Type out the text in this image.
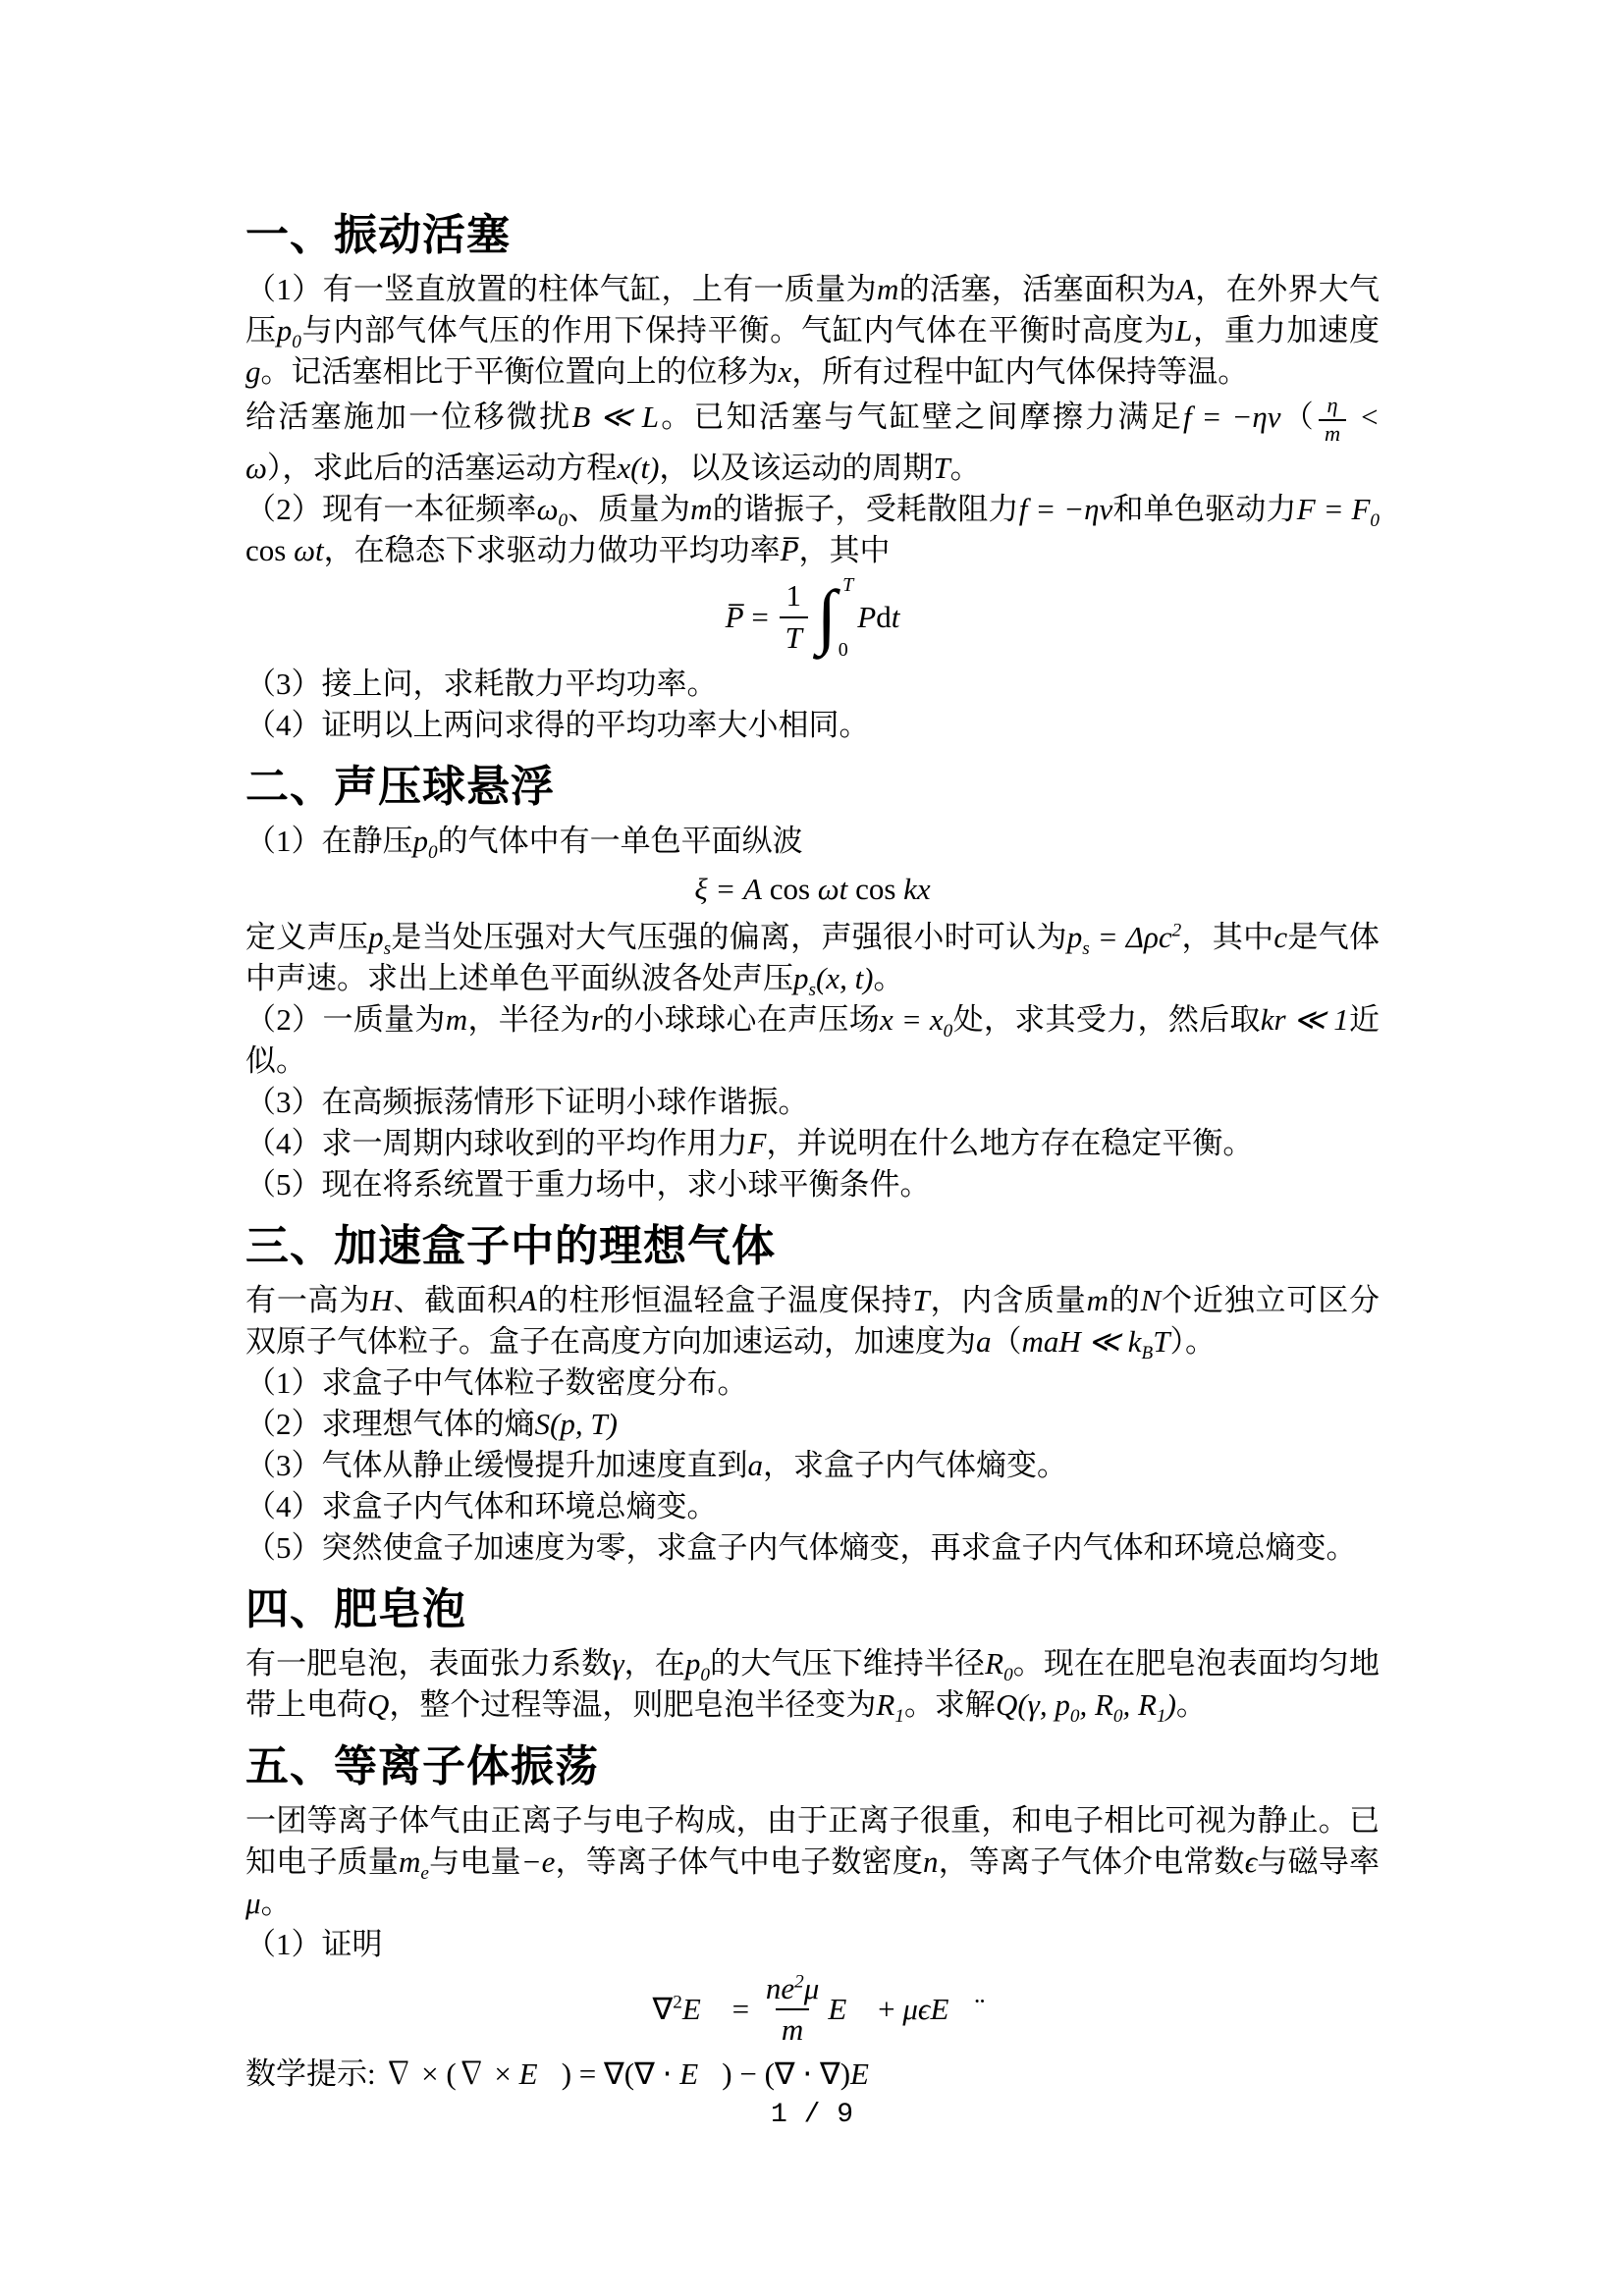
一、振动活塞
（1）有一竖直放置的柱体气缸，上有一质量为m的活塞，活塞面积为A，在外界大气压$p_0$与内部气体气压的作用下保持平衡。气缸内气体在平衡时高度为L，重力加速度g。记活塞相比于平衡位置向上的位移为x，所有过程中缸内气体保持等温。
给活塞施加一位移微扰B ≪ L。已知活塞与气缸壁之间摩擦力满足$f = -\eta v( \frac{\eta}{m} < \omega)$，求此后的活塞运动方程x(t)，以及该运动的周期T。
（2）现有一本征频率$\omega_0$、质量为m的谐振子，受耗散阻力f = −ηv和单色驱动力$F = F_0$ cos ωt，在稳态下求驱动力做功平均功率P̅，其中
P̅ = $\frac{1}{T}$ ∫ T
0
P d t
（3）接上问，求耗散力平均功率。
（4）证明以上两问求得的平均功率大小相同。
二、声压球悬浮
（1）在静压$p_0$的气体中有一单色平面纵波
ξ = A cos ωt cos kx
定义声压$p_s$是当处压强对大气压强的偏离，声强很小时可认为$p_s = \Delta\rho c^2$，其中c是气体中声速。求出上述单色平面纵波各处声压$p_s(x$, t)。
（2）一质量为m，半径为r的小球球心在声压场$x = x_0$处，求其受力，然后取kr ≪ 1近似。
（3）在高频振荡情形下证明小球作谐振。
（4）求一周期内球收到的平均作用力F，并说明在什么地方存在稳定平衡。
（5）现在将系统置于重力场中，求小球平衡条件。
三、加速盒子中的理想气体
有一高为H、截面积A的柱形恒温轻盒子温度保持T，内含质量m的N个近独立可区分双原子气体粒子。盒子在高度方向加速运动，加速度为a（maH ≪ $k_BT$）。
（1）求盒子中气体粒子数密度分布。
（2）求理想气体的熵S(p, T)
（3）气体从静止缓慢提升加速度直到a，求盒子内气体熵变。
（4）求盒子内气体和环境总熵变。
（5）突然使盒子加速度为零，求盒子内气体熵变，再求盒子内气体和环境总熵变。
四、肥皂泡
有一肥皂泡，表面张力系数γ，在$p_0$的大气压下维持半径$R_0$。现在在肥皂泡表面均匀地带上电荷Q，整个过程等温，则肥皂泡半径变为$R_1$。求解Q(γ, $p_0$, $R_0$, $R_1$)。
五、等离子体振荡
一团等离子体气由正离子与电子构成，由于正离子很重，和电子相比可视为静止。已知电子质量$m_e$与电量−e，等离子体气中电子数密度n，等离子气体介电常数ϵ与磁导率μ。
（1）证明
∇$^2$ E⃗ = $\frac{ne^2\mu}{m}$ E⃗ + μϵ E⃗̈
数学提示: ∇ × (∇ × E⃗) = ∇(∇ ⋅ E⃗) − (∇ ⋅ ∇)E⃗
1 / 9
